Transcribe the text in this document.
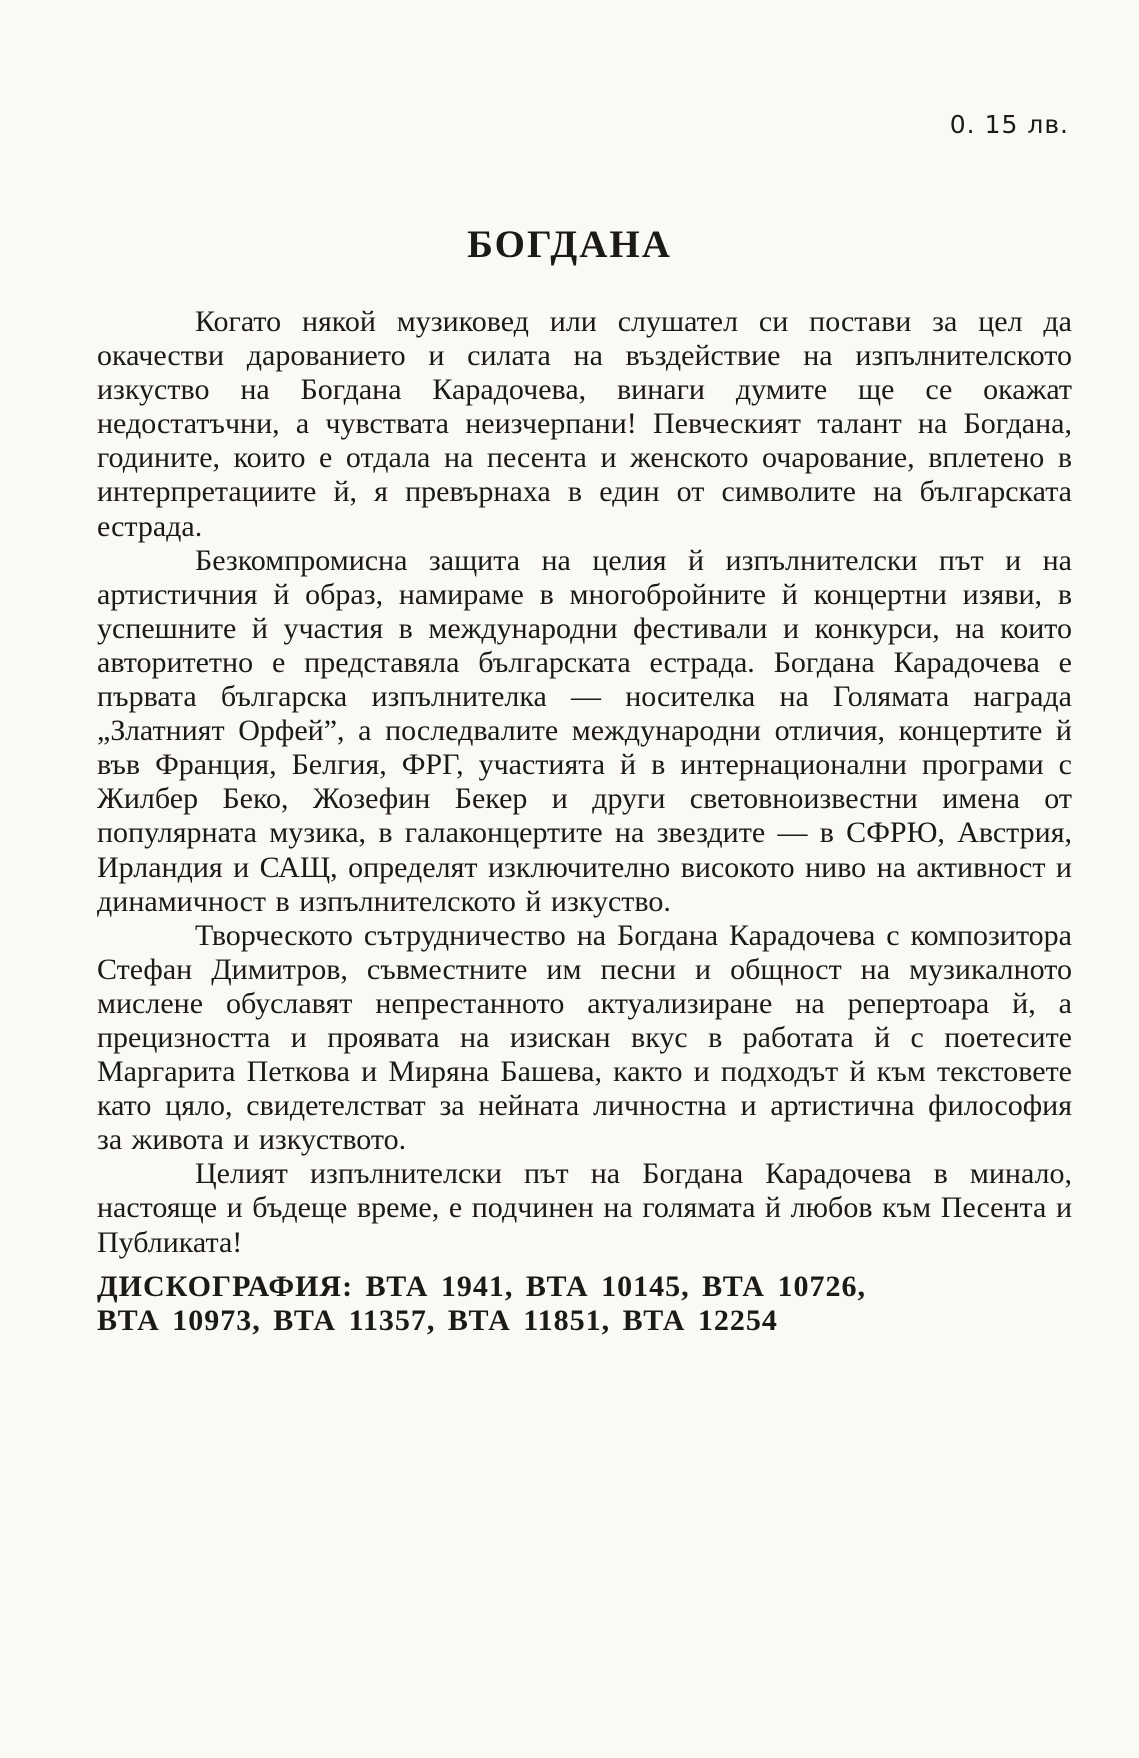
0. 15 лв.

БОГДАНА

Когато някой музиковед или слушател си постави за цел да окачестви дарованието и силата на въздействие на изпълнителското изкуство на Богдана Карадочева, винаги думите ще се окажат недостатъчни, а чувствата неизчерпани! Певческият талант на Богдана, годините, които е отдала на песента и женското очарование, вплетено в интерпретациите й, я превърнаха в един от символите на българската естрада.

Безкомпромисна защита на целия й изпълнителски път и на артистичния й образ, намираме в многобройните й концертни изяви, в успешните й участия в международни фестивали и конкурси, на които авторитетно е представяла българската естрада. Богдана Карадочева е първата българска изпълнителка — носителка на Голямата награда „Златният Орфей”, а последвалите международни отличия, концертите й във Франция, Белгия, ФРГ, участията й в интернационални програми с Жилбер Беко, Жозефин Бекер и други световноизвестни имена от популярната музика, в галаконцертите на звездите — в СФРЮ, Австрия, Ирландия и САЩ, определят изключително високото ниво на активност и динамичност в изпълнителското й изкуство.

Творческото сътрудничество на Богдана Карадочева с композитора Стефан Димитров, съвместните им песни и общност на музикалното мислене обуславят непрестанното актуализиране на репертоара й, а прецизността и проявата на изискан вкус в работата й с поетесите Маргарита Петкова и Миряна Башева, както и подходът й към текстовете като цяло, свидетелстват за нейната личностна и артистична философия за живота и изкуството.

Целият изпълнителски път на Богдана Карадочева в минало, настояще и бъдеще време, е подчинен на голямата й любов към Песента и Публиката!

ДИСКОГРАФИЯ: ВТА 1941, ВТА 10145, ВТА 10726,
ВТА 10973, ВТА 11357, ВТА 11851, ВТА 12254
